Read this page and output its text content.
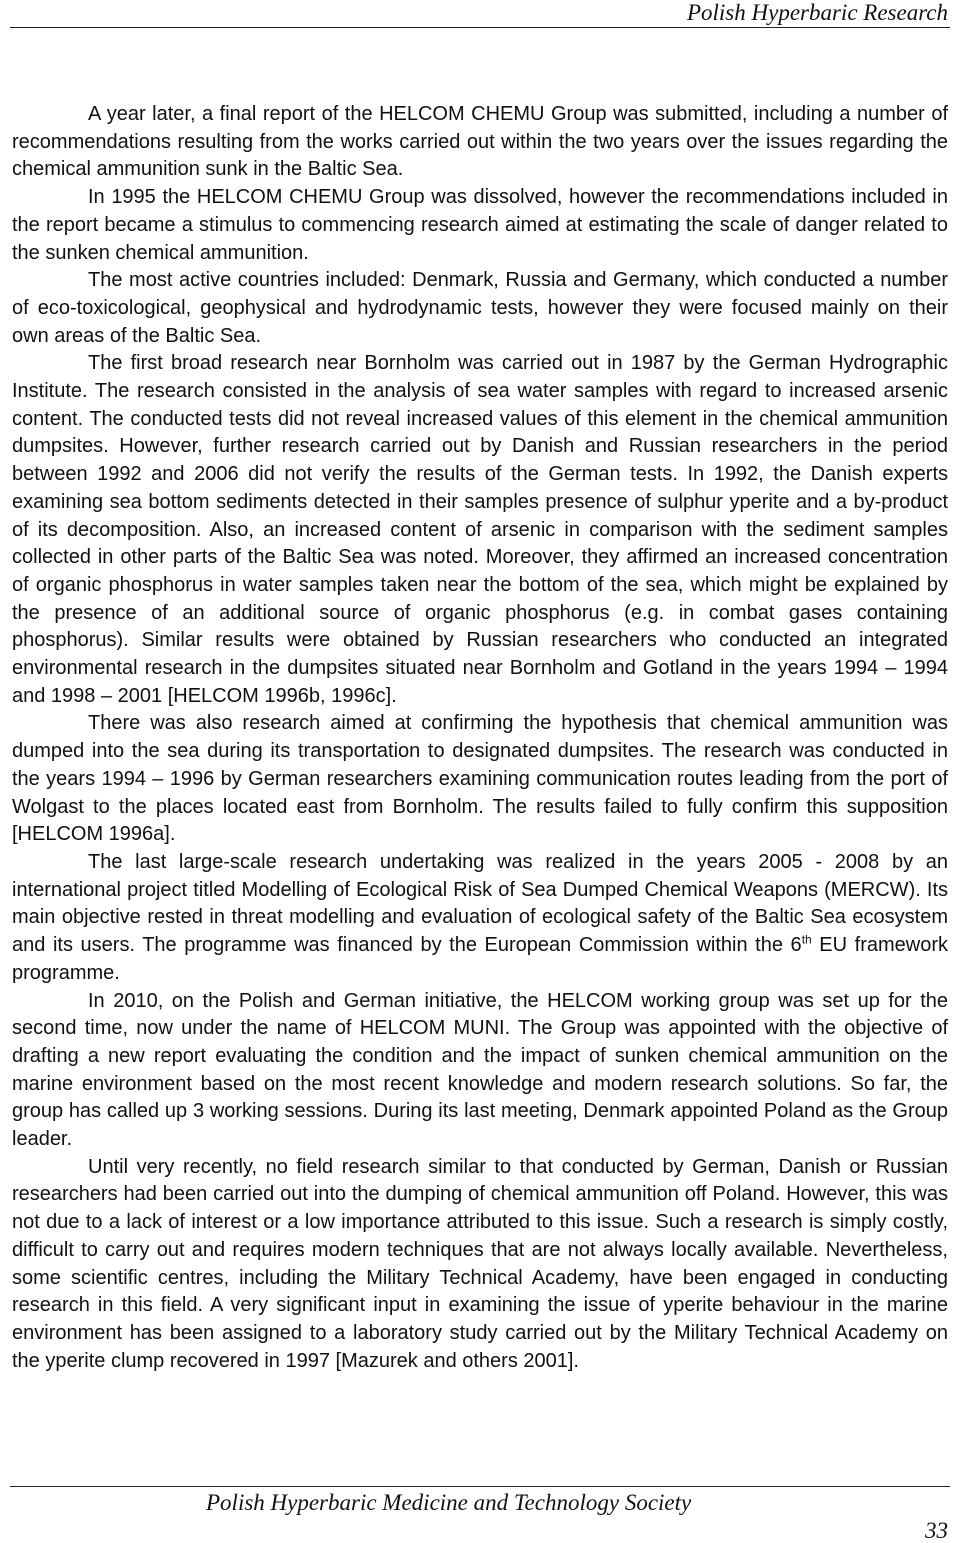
Polish Hyperbaric Research

A year later, a final report of the HELCOM CHEMU Group was submitted, including a number of recommendations resulting from the works carried out within the two years over the issues regarding the chemical ammunition sunk in the Baltic Sea.

In 1995 the HELCOM CHEMU Group was dissolved, however the recommendations included in the report became a stimulus to commencing research aimed at estimating the scale of danger related to the sunken chemical ammunition.

The most active countries included: Denmark, Russia and Germany, which conducted a number of eco-toxicological, geophysical and hydrodynamic tests, however they were focused mainly on their own areas of the Baltic Sea.

The first broad research near Bornholm was carried out in 1987 by the German Hydrographic Institute. The research consisted in the analysis of sea water samples with regard to increased arsenic content. The conducted tests did not reveal increased values of this element in the chemical ammunition dumpsites. However, further research carried out by Danish and Russian researchers in the period between 1992 and 2006 did not verify the results of the German tests. In 1992, the Danish experts examining sea bottom sediments detected in their samples presence of sulphur yperite and a by-product of its decomposition. Also, an increased content of arsenic in comparison with the sediment samples collected in other parts of the Baltic Sea was noted. Moreover, they affirmed an increased concentration of organic phosphorus in water samples taken near the bottom of the sea, which might be explained by the presence of an additional source of organic phosphorus (e.g. in combat gases containing phosphorus). Similar results were obtained by Russian researchers who conducted an integrated environmental research in the dumpsites situated near Bornholm and Gotland in the years 1994 – 1994 and 1998 – 2001 [HELCOM 1996b, 1996c].

There was also research aimed at confirming the hypothesis that chemical ammunition was dumped into the sea during its transportation to designated dumpsites. The research was conducted in the years 1994 – 1996 by German researchers examining communication routes leading from the port of Wolgast to the places located east from Bornholm. The results failed to fully confirm this supposition [HELCOM 1996a].

The last large-scale research undertaking was realized in the years 2005 - 2008 by an international project titled Modelling of Ecological Risk of Sea Dumped Chemical Weapons (MERCW). Its main objective rested in threat modelling and evaluation of ecological safety of the Baltic Sea ecosystem and its users. The programme was financed by the European Commission within the 6th EU framework programme.

In 2010, on the Polish and German initiative, the HELCOM working group was set up for the second time, now under the name of HELCOM MUNI. The Group was appointed with the objective of drafting a new report evaluating the condition and the impact of sunken chemical ammunition on the marine environment based on the most recent knowledge and modern research solutions. So far, the group has called up 3 working sessions. During its last meeting, Denmark appointed Poland as the Group leader.

Until very recently, no field research similar to that conducted by German, Danish or Russian researchers had been carried out into the dumping of chemical ammunition off Poland. However, this was not due to a lack of interest or a low importance attributed to this issue. Such a research is simply costly, difficult to carry out and requires modern techniques that are not always locally available. Nevertheless, some scientific centres, including the Military Technical Academy, have been engaged in conducting research in this field. A very significant input in examining the issue of yperite behaviour in the marine environment has been assigned to a laboratory study carried out by the Military Technical Academy on the yperite clump recovered in 1997 [Mazurek and others 2001].

Polish Hyperbaric Medicine and Technology Society
33
